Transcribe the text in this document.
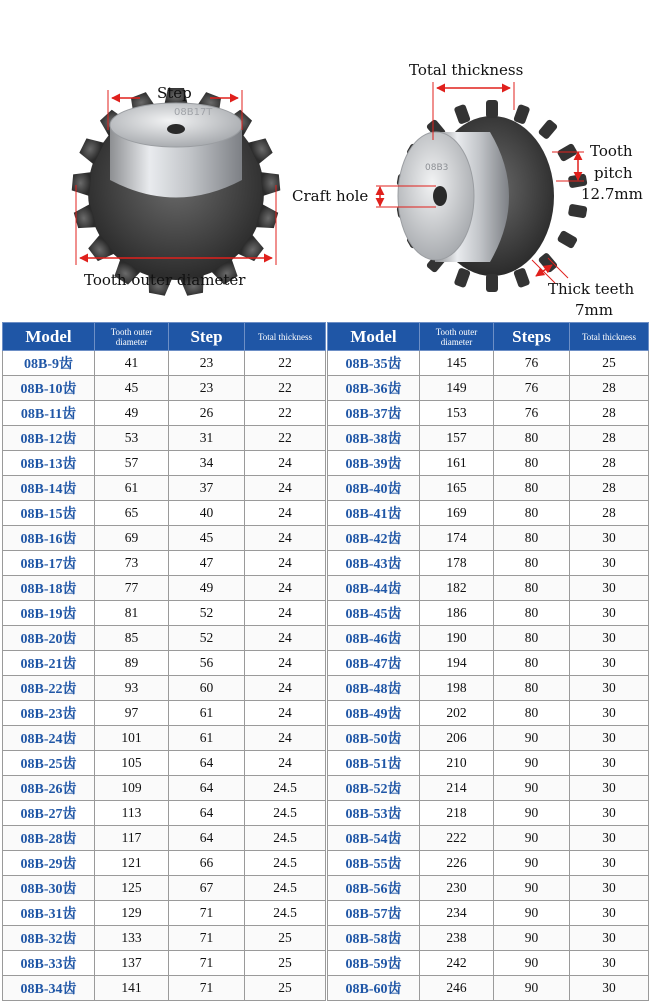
08B17T
08B3
Step
Tooth outer diameter
Total thickness
Craft hole
Tooth
pitch
12.7mm
Thick teeth
7mm
Model	Tooth outer diameter	Step	Total thickness
08B-9齿	41	23	22
08B-10齿	45	23	22
08B-11齿	49	26	22
08B-12齿	53	31	22
08B-13齿	57	34	24
08B-14齿	61	37	24
08B-15齿	65	40	24
08B-16齿	69	45	24
08B-17齿	73	47	24
08B-18齿	77	49	24
08B-19齿	81	52	24
08B-20齿	85	52	24
08B-21齿	89	56	24
08B-22齿	93	60	24
08B-23齿	97	61	24
08B-24齿	101	61	24
08B-25齿	105	64	24
08B-26齿	109	64	24.5
08B-27齿	113	64	24.5
08B-28齿	117	64	24.5
08B-29齿	121	66	24.5
08B-30齿	125	67	24.5
08B-31齿	129	71	24.5
08B-32齿	133	71	25
08B-33齿	137	71	25
08B-34齿	141	71	25
Model	Tooth outer diameter	Steps	Total thickness
08B-35齿	145	76	25
08B-36齿	149	76	28
08B-37齿	153	76	28
08B-38齿	157	80	28
08B-39齿	161	80	28
08B-40齿	165	80	28
08B-41齿	169	80	28
08B-42齿	174	80	30
08B-43齿	178	80	30
08B-44齿	182	80	30
08B-45齿	186	80	30
08B-46齿	190	80	30
08B-47齿	194	80	30
08B-48齿	198	80	30
08B-49齿	202	80	30
08B-50齿	206	90	30
08B-51齿	210	90	30
08B-52齿	214	90	30
08B-53齿	218	90	30
08B-54齿	222	90	30
08B-55齿	226	90	30
08B-56齿	230	90	30
08B-57齿	234	90	30
08B-58齿	238	90	30
08B-59齿	242	90	30
08B-60齿	246	90	30
